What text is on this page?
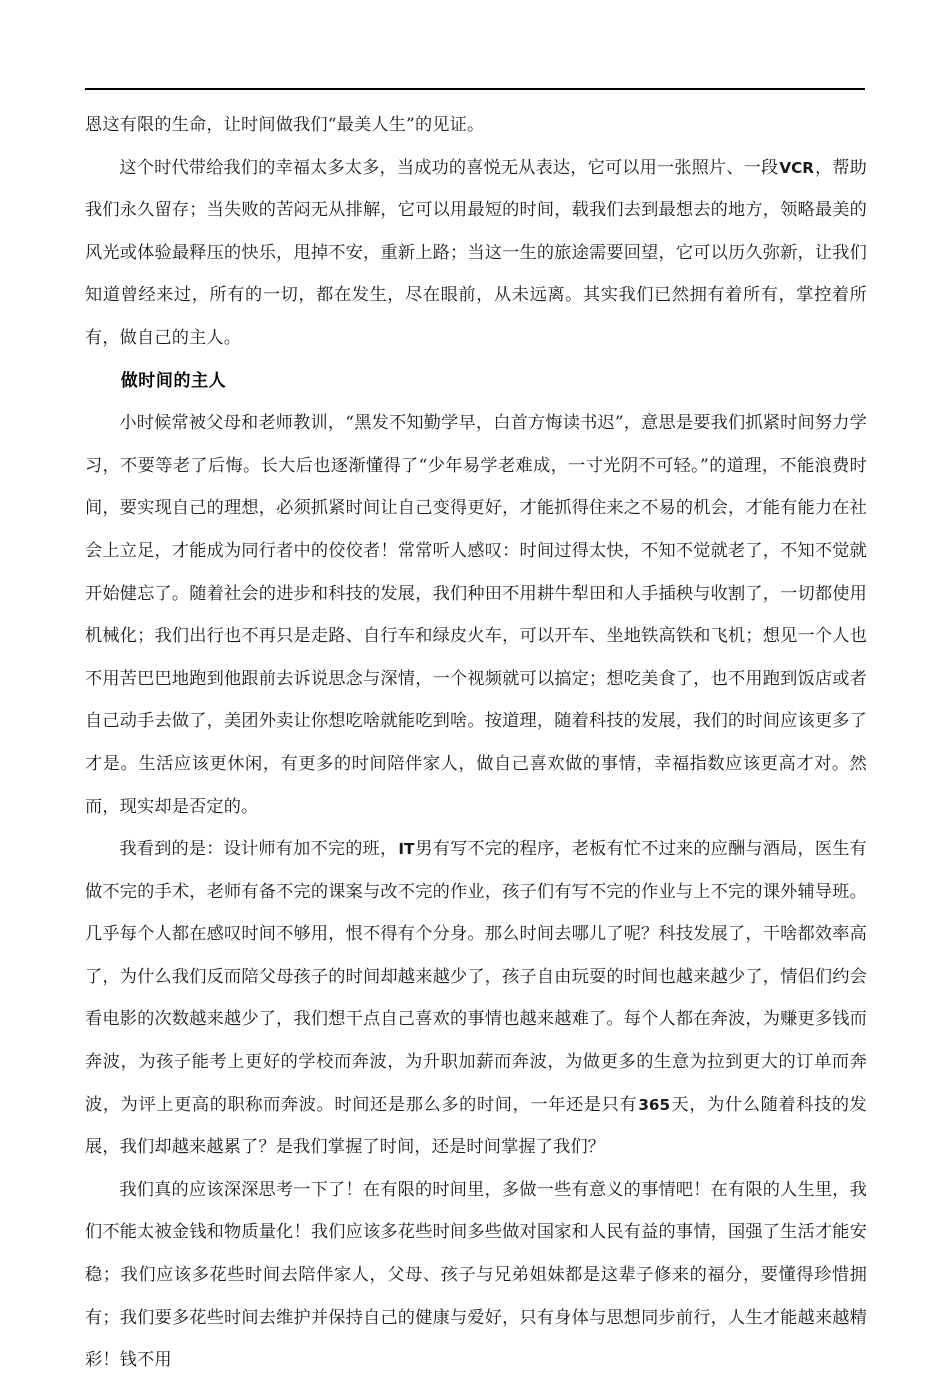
恩这有限的生命，让时间做我们“最美人生”的见证。

这个时代带给我们的幸福太多太多，当成功的喜悦无从表达，它可以用一张照片、一段VCR，帮助我们永久留存；当失败的苦闷无从排解，它可以用最短的时间，载我们去到最想去的地方，领略最美的风光或体验最释压的快乐，甩掉不安，重新上路；当这一生的旅途需要回望，它可以历久弥新，让我们知道曾经来过，所有的一切，都在发生，尽在眼前，从未远离。其实我们已然拥有着所有，掌控着所有，做自己的主人。

做时间的主人

小时候常被父母和老师教训，“黑发不知勤学早，白首方悔读书迟”，意思是要我们抓紧时间努力学习，不要等老了后悔。长大后也逐渐懂得了“少年易学老难成，一寸光阴不可轻。”的道理，不能浪费时间，要实现自己的理想，必须抓紧时间让自己变得更好，才能抓得住来之不易的机会，才能有能力在社会上立足，才能成为同行者中的佼佼者！常常听人感叹：时间过得太快，不知不觉就老了，不知不觉就开始健忘了。随着社会的进步和科技的发展，我们种田不用耕牛犁田和人手插秧与收割了，一切都使用机械化；我们出行也不再只是走路、自行车和绿皮火车，可以开车、坐地铁高铁和飞机；想见一个人也不用苦巴巴地跑到他跟前去诉说思念与深情，一个视频就可以搞定；想吃美食了，也不用跑到饭店或者自己动手去做了，美团外卖让你想吃啥就能吃到啥。按道理，随着科技的发展，我们的时间应该更多了才是。生活应该更休闲，有更多的时间陪伴家人，做自己喜欢做的事情，幸福指数应该更高才对。然而，现实却是否定的。

我看到的是：设计师有加不完的班，IT男有写不完的程序，老板有忙不过来的应酬与酒局，医生有做不完的手术，老师有备不完的课案与改不完的作业，孩子们有写不完的作业与上不完的课外辅导班。几乎每个人都在感叹时间不够用，恨不得有个分身。那么时间去哪儿了呢？科技发展了，干啥都效率高了，为什么我们反而陪父母孩子的时间却越来越少了，孩子自由玩耍的时间也越来越少了，情侣们约会看电影的次数越来越少了，我们想干点自己喜欢的事情也越来越难了。每个人都在奔波，为赚更多钱而奔波，为孩子能考上更好的学校而奔波，为升职加薪而奔波，为做更多的生意为拉到更大的订单而奔波，为评上更高的职称而奔波。时间还是那么多的时间，一年还是只有365天，为什么随着科技的发展，我们却越来越累了？是我们掌握了时间，还是时间掌握了我们？

我们真的应该深深思考一下了！在有限的时间里，多做一些有意义的事情吧！在有限的人生里，我们不能太被金钱和物质量化！我们应该多花些时间多些做对国家和人民有益的事情，国强了生活才能安稳；我们应该多花些时间去陪伴家人，父母、孩子与兄弟姐妹都是这辈子修来的福分，要懂得珍惜拥有；我们要多花些时间去维护并保持自己的健康与爱好，只有身体与思想同步前行，人生才能越来越精彩！钱不用
